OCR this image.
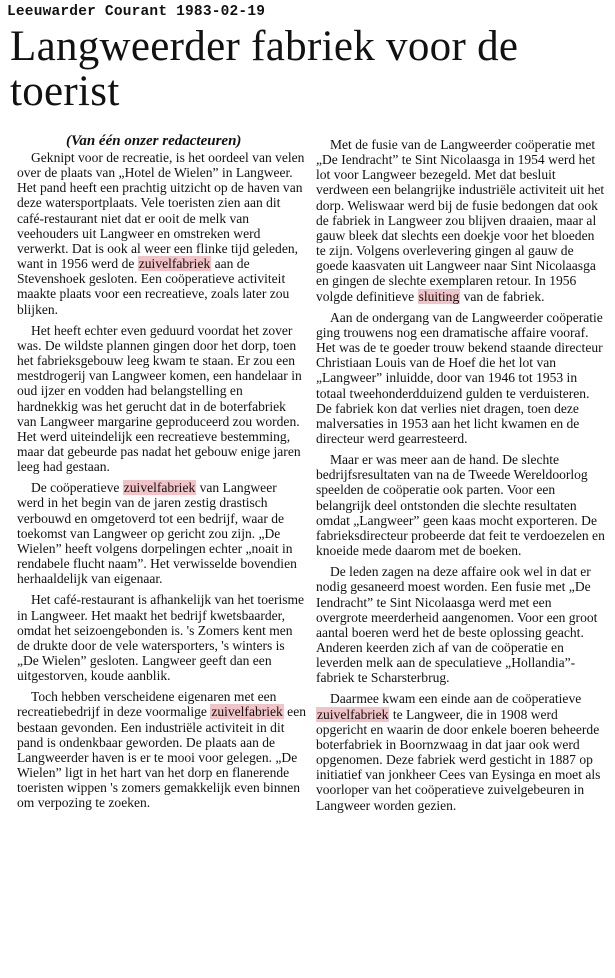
Leeuwarder Courant 1983-02-19
Langweerder fabriek voor de toerist
(Van één onzer redacteuren)

Geknipt voor de recreatie, is het oordeel van velen over de plaats van „Hotel de Wielen” in Langweer. Het pand heeft een prachtig uitzicht op de haven van deze watersportplaats. Vele toeristen zien aan dit café-restaurant niet dat er ooit de melk van veehouders uit Langweer en omstreken werd verwerkt. Dat is ook al weer een flinke tijd geleden, want in 1956 werd de zuivelfabriek aan de Stevenshoek gesloten. Een coöperatieve activiteit maakte plaats voor een recreatieve, zoals later zou blijken.

Het heeft echter even geduurd voordat het zover was. De wildste plannen gingen door het dorp, toen het fabrieksgebouw leeg kwam te staan. Er zou een mestdrogerij van Langweer komen, een handelaar in oud ijzer en vodden had belangstelling en hardnekkig was het gerucht dat in de boterfabriek van Langweer margarine geproduceerd zou worden. Het werd uiteindelijk een recreatieve bestemming, maar dat gebeurde pas nadat het gebouw enige jaren leeg had gestaan.

De coöperatieve zuivelfabriek van Langweer werd in het begin van de jaren zestig drastisch verbouwd en omgetoverd tot een bedrijf, waar de toekomst van Langweer op gericht zou zijn. „De Wielen” heeft volgens dorpelingen echter „noait in rendabele flucht naam”. Het verwisselde bovendien herhaaldelijk van eigenaar.

Het café-restaurant is afhankelijk van het toerisme in Langweer. Het maakt het bedrijf kwetsbaarder, omdat het seizoengebonden is. 's Zomers kent men de drukte door de vele watersporters, 's winters is „De Wielen” gesloten. Langweer geeft dan een uitgestorven, koude aanblik.

Toch hebben verscheidene eigenaren met een recreatiebedrijf in deze voormalige zuivelfabriek een bestaan gevonden. Een industriële activiteit in dit pand is ondenkbaar geworden. De plaats aan de Langweerder haven is er te mooi voor gelegen. „De Wielen” ligt in het hart van het dorp en flanerende toeristen wippen 's zomers gemakkelijk even binnen om verpozing te zoeken.

Met de fusie van de Langweerder coöperatie met „De Iendracht” te Sint Nicolaasga in 1954 werd het lot voor Langweer bezegeld. Met dat besluit verdween een belangrijke industriële activiteit uit het dorp. Weliswaar werd bij de fusie bedongen dat ook de fabriek in Langweer zou blijven draaien, maar al gauw bleek dat slechts een doekje voor het bloeden te zijn. Volgens overlevering gingen al gauw de goede kaasvaten uit Langweer naar Sint Nicolaasga en gingen de slechte exemplaren retour. In 1956 volgde definitieve sluiting van de fabriek.

Aan de ondergang van de Langweerder coöperatie ging trouwens nog een dramatische affaire vooraf. Het was de te goeder trouw bekend staande directeur Christiaan Louis van de Hoef die het lot van „Langweer” inluidde, door van 1946 tot 1953 in totaal tweehonderdduizend gulden te verduisteren. De fabriek kon dat verlies niet dragen, toen deze malversaties in 1953 aan het licht kwamen en de directeur werd gearresteerd.

Maar er was meer aan de hand. De slechte bedrijfsresultaten van na de Tweede Wereldoorlog speelden de coöperatie ook parten. Voor een belangrijk deel ontstonden die slechte resultaten omdat „Langweer” geen kaas mocht exporteren. De fabrieksdirecteur probeerde dat feit te verdoezelen en knoeide mede daarom met de boeken.

De leden zagen na deze affaire ook wel in dat er nodig gesaneerd moest worden. Een fusie met „De Iendracht” te Sint Nicolaasga werd met een overgrote meerderheid aangenomen. Voor een groot aantal boeren werd het de beste oplossing geacht. Anderen keerden zich af van de coöperatie en leverden melk aan de speculatieve „Hollandia”-fabriek te Scharsterbrug.

Daarmee kwam een einde aan de coöperatieve zuivelfabriek te Langweer, die in 1908 werd opgericht en waarin de door enkele boeren beheerde boterfabriek in Boornzwaag in dat jaar ook werd opgenomen. Deze fabriek werd gesticht in 1887 op initiatief van jonkheer Cees van Eysinga en moet als voorloper van het coöperatieve zuivelgebeuren in Langweer worden gezien.
